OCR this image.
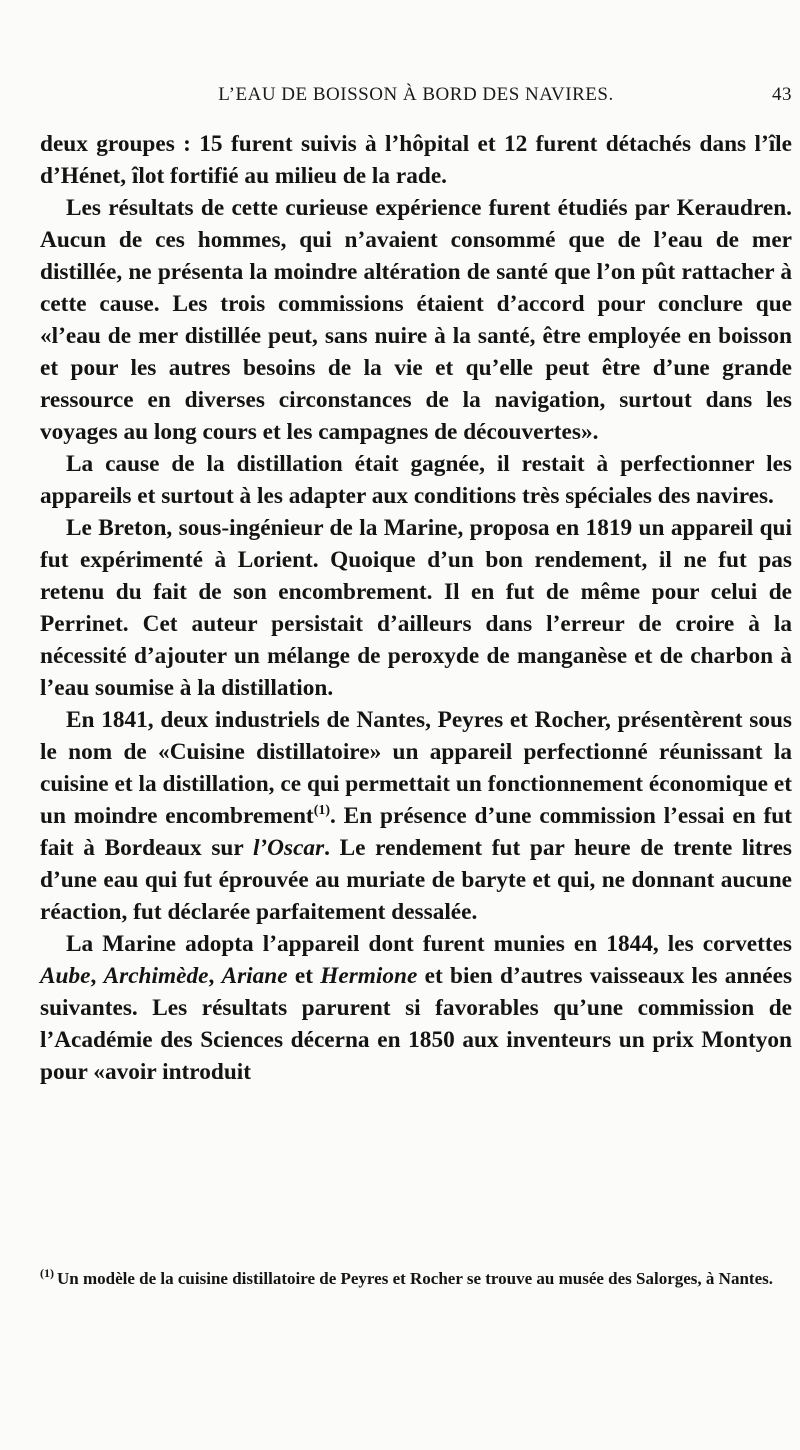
L’EAU DE BOISSON À BORD DES NAVIRES.	43

deux groupes : 15 furent suivis à l’hôpital et 12 furent détachés dans l’île d’Hénet, îlot fortifié au milieu de la rade.

Les résultats de cette curieuse expérience furent étudiés par Keraudren. Aucun de ces hommes, qui n’avaient consommé que de l’eau de mer distillée, ne présenta la moindre altération de santé que l’on pût rattacher à cette cause. Les trois commissions étaient d’accord pour conclure que «l’eau de mer distillée peut, sans nuire à la santé, être employée en boisson et pour les autres besoins de la vie et qu’elle peut être d’une grande ressource en diverses circonstances de la navigation, surtout dans les voyages au long cours et les campagnes de découvertes».

La cause de la distillation était gagnée, il restait à perfectionner les appareils et surtout à les adapter aux conditions très spéciales des navires.

Le Breton, sous-ingénieur de la Marine, proposa en 1819 un appareil qui fut expérimenté à Lorient. Quoique d’un bon rendement, il ne fut pas retenu du fait de son encombrement. Il en fut de même pour celui de Perrinet. Cet auteur persistait d’ailleurs dans l’erreur de croire à la nécessité d’ajouter un mélange de peroxyde de manganèse et de charbon à l’eau soumise à la distillation.

En 1841, deux industriels de Nantes, Peyres et Rocher, présentèrent sous le nom de «Cuisine distillatoire» un appareil perfectionné réunissant la cuisine et la distillation, ce qui permettait un fonctionnement économique et un moindre encombrement$^{(1)}$. En présence d’une commission l’essai en fut fait à Bordeaux sur l’Oscar. Le rendement fut par heure de trente litres d’une eau qui fut éprouvée au muriate de baryte et qui, ne donnant aucune réaction, fut déclarée parfaitement dessalée.

La Marine adopta l’appareil dont furent munies en 1844, les corvettes Aube, Archimède, Ariane et Hermione et bien d’autres vaisseaux les années suivantes. Les résultats parurent si favorables qu’une commission de l’Académie des Sciences décerna en 1850 aux inventeurs un prix Montyon pour «avoir introduit

$^{(1)}$ Un modèle de la cuisine distillatoire de Peyres et Rocher se trouve au musée des Salorges, à Nantes.
